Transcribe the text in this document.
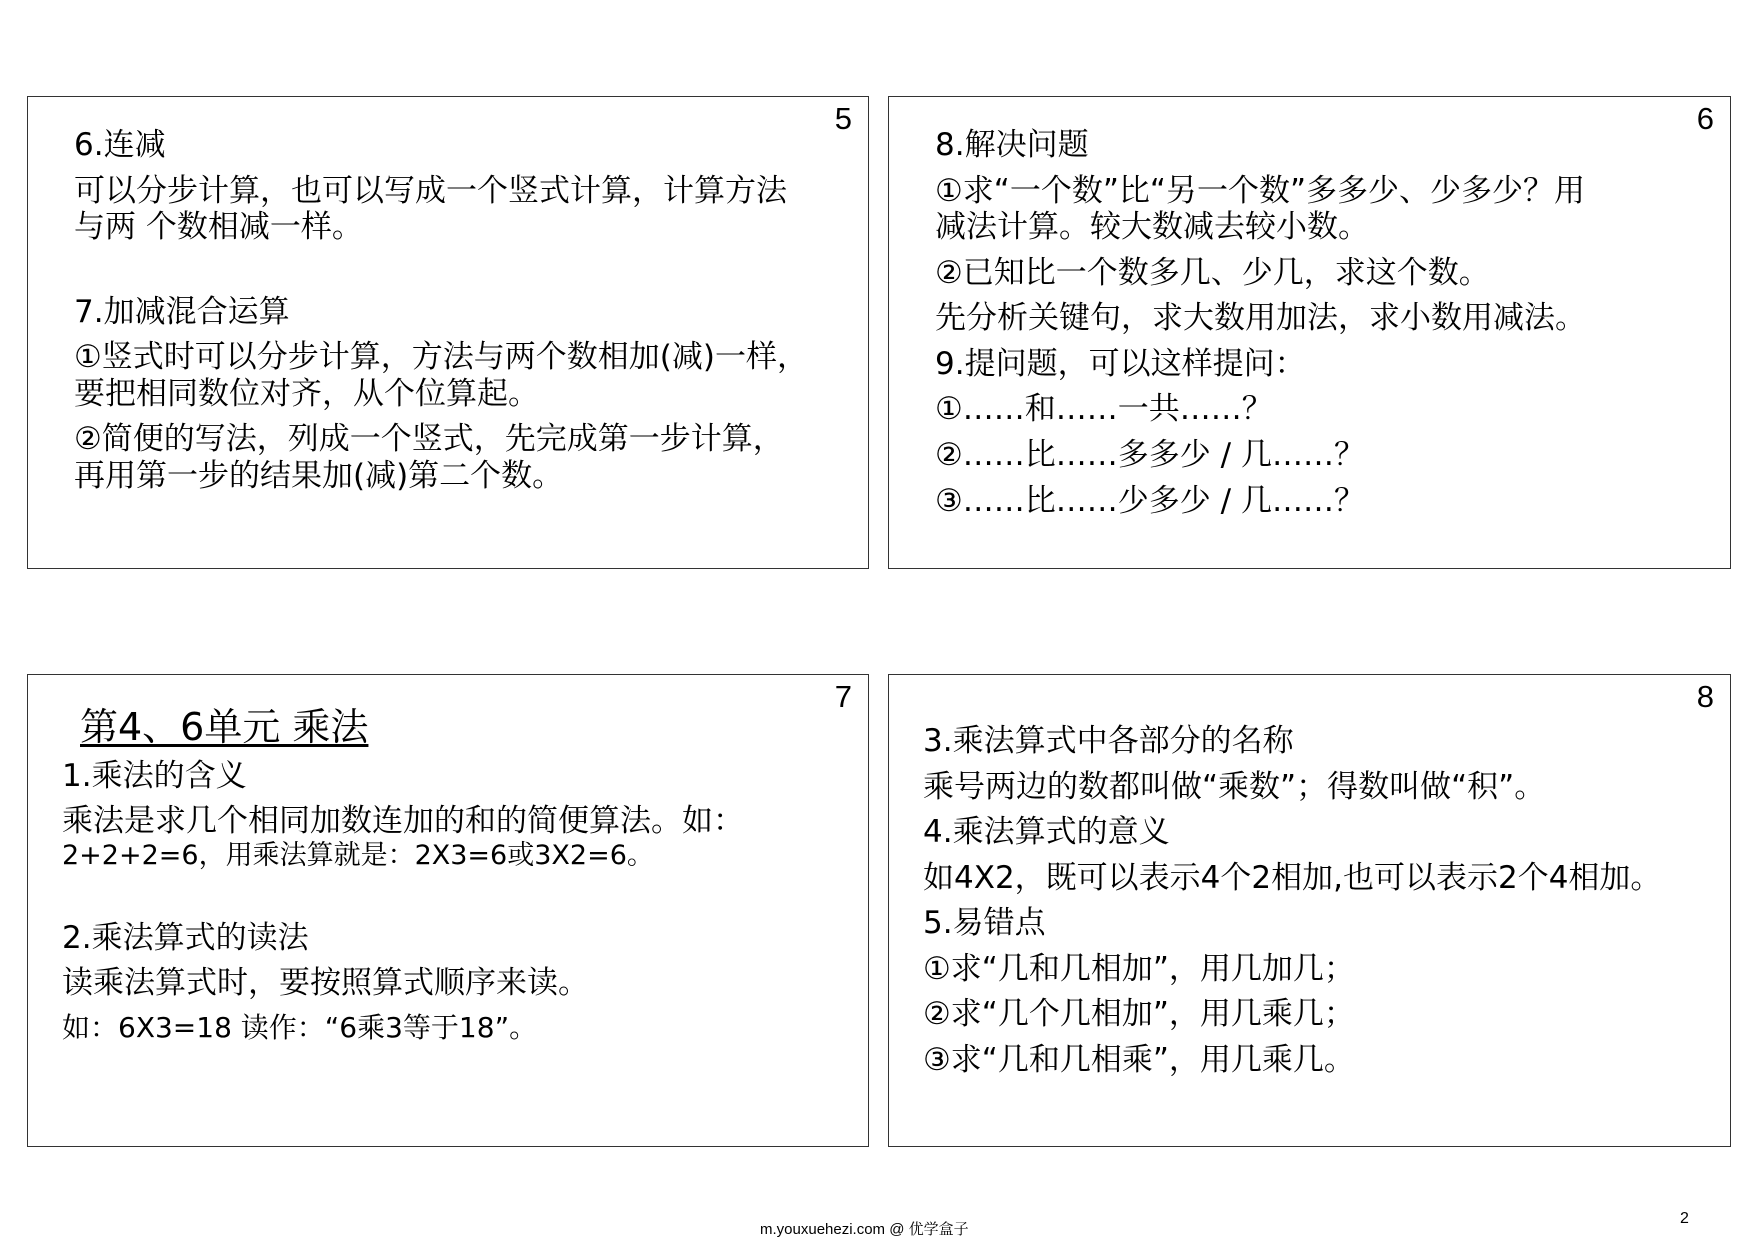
5
6.连减
可以分步计算，也可以写成一个竖式计算，计算方法
与两 个数相减一样。
7.加减混合运算
①竖式时可以分步计算，方法与两个数相加(减)一样，
要把相同数位对齐，从个位算起。
②简便的写法，列成一个竖式，先完成第一步计算，
再用第一步的结果加(减)第二个数。
6
8.解决问题
①求“一个数”比“另一个数”多多少、少多少？用
减法计算。较大数减去较小数。
②已知比一个数多几、少几，求这个数。
先分析关键句，求大数用加法，求小数用减法。
9.提问题，可以这样提问：
①……和……一共……？
②……比……多多少 / 几……？
③……比……少多少 / 几……？
7
第4、6单元 乘法
1.乘法的含义
乘法是求几个相同加数连加的和的简便算法。如：
2+2+2=6，用乘法算就是：2X3=6或3X2=6。
2.乘法算式的读法
读乘法算式时，要按照算式顺序来读。
如：6X3=18 读作：“6乘3等于18”。
8
3.乘法算式中各部分的名称
乘号两边的数都叫做“乘数”；得数叫做“积”。
4.乘法算式的意义
如4X2，既可以表示4个2相加,也可以表示2个4相加。
5.易错点
①求“几和几相加”，用几加几；
②求“几个几相加”，用几乘几；
③求“几和几相乘”，用几乘几。
m.youxuehezi.com @ 优学盒子
2
